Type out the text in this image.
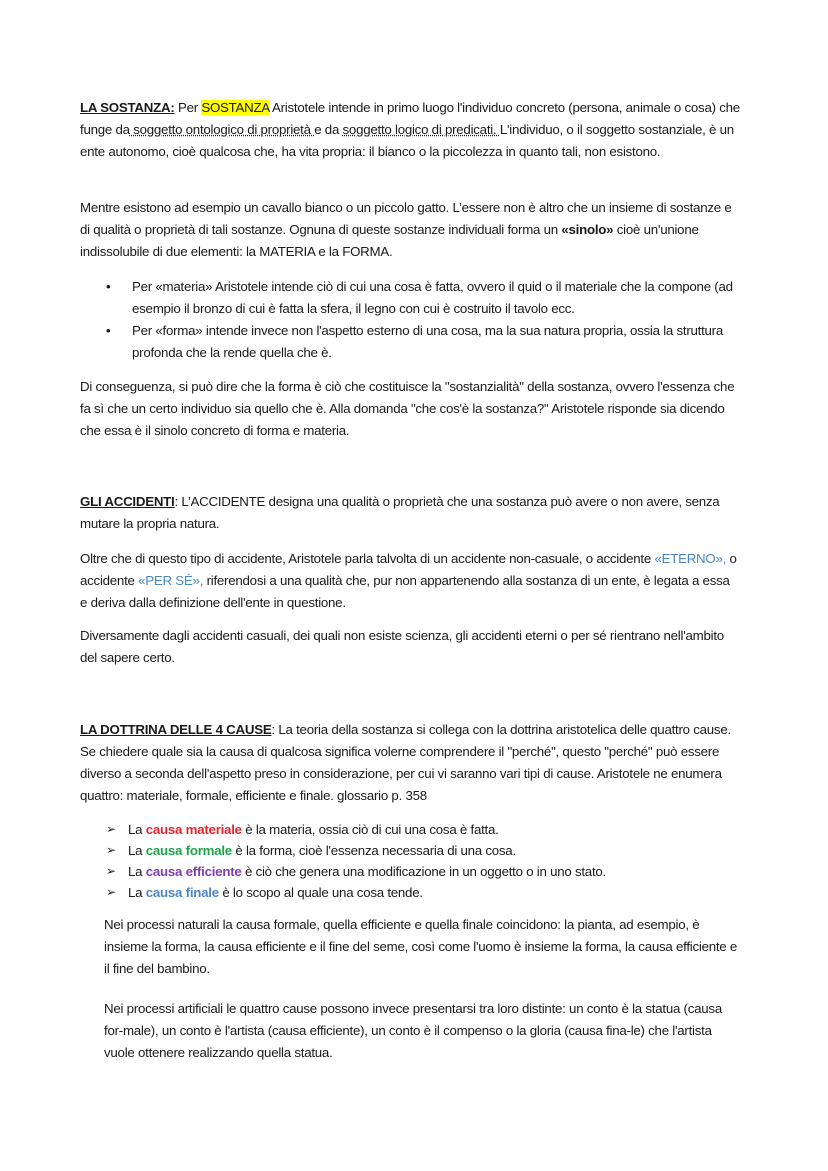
LA SOSTANZA: Per SOSTANZA Aristotele intende in primo luogo l'individuo concreto (persona, animale o cosa) che funge da soggetto ontologico di proprietà e da soggetto logico di predicati. L'individuo, o il soggetto sostanziale, è un ente autonomo, cioè qualcosa che, ha vita propria: il bianco o la piccolezza in quanto tali, non esistono.

Mentre esistono ad esempio un cavallo bianco o un piccolo gatto. L’essere non è altro che un insieme di sostanze e di qualità o proprietà di tali sostanze. Ognuna di queste sostanze individuali forma un «sinolo» cioè un'unione indissolubile di due elementi: la MATERIA e la FORMA.

• Per «materia» Aristotele intende ciò di cui una cosa è fatta, ovvero il quid o il materiale che la compone (ad esempio il bronzo di cui è fatta la sfera, il legno con cui è costruito il tavolo ecc.
• Per «forma» intende invece non l'aspetto esterno di una cosa, ma la sua natura propria, ossia la struttura profonda che la rende quella che è.

Di conseguenza, si può dire che la forma è ciò che costituisce la "sostanzialità" della sostanza, ovvero l'essenza che fa sì che un certo individuo sia quello che è. Alla domanda "che cos'è la sostanza?" Aristotele risponde sia dicendo che essa è il sinolo concreto di forma e materia.

GLI ACCIDENTI: L’ACCIDENTE designa una qualità o proprietà che una sostanza può avere o non avere, senza mutare la propria natura.

Oltre che di questo tipo di accidente, Aristotele parla talvolta di un accidente non-casuale, o accidente «ETERNO», o accidente «PER SÉ», riferendosi a una qualità che, pur non appartenendo alla sostanza di un ente, è legata a essa e deriva dalla definizione dell'ente in questione.

Diversamente dagli accidenti casuali, dei quali non esiste scienza, gli accidenti eterni o per sé rientrano nell'ambito del sapere certo.

LA DOTTRINA DELLE 4 CAUSE: La teoria della sostanza si collega con la dottrina aristotelica delle quattro cause. Se chiedere quale sia la causa di qualcosa significa volerne comprendere il "perché", questo "perché" può essere diverso a seconda dell'aspetto preso in considerazione, per cui vi saranno vari tipi di cause. Aristotele ne enumera quattro: materiale, formale, efficiente e finale. glossario p. 358

➢ La causa materiale è la materia, ossia ciò di cui una cosa è fatta.
➢ La causa formale è la forma, cioè l'essenza necessaria di una cosa.
➢ La causa efficiente è ciò che genera una modificazione in un oggetto o in uno stato.
➢ La causa finale è lo scopo al quale una cosa tende.

Nei processi naturali la causa formale, quella efficiente e quella finale coincidono: la pianta, ad esempio, è insieme la forma, la causa efficiente e il fine del seme, così come l'uomo è insieme la forma, la causa efficiente e il fine del bambino.

Nei processi artificiali le quattro cause possono invece presentarsi tra loro distinte: un conto è la statua (causa for-male), un conto è l'artista (causa efficiente), un conto è il compenso o la gloria (causa fina-le) che l'artista vuole ottenere realizzando quella statua.
